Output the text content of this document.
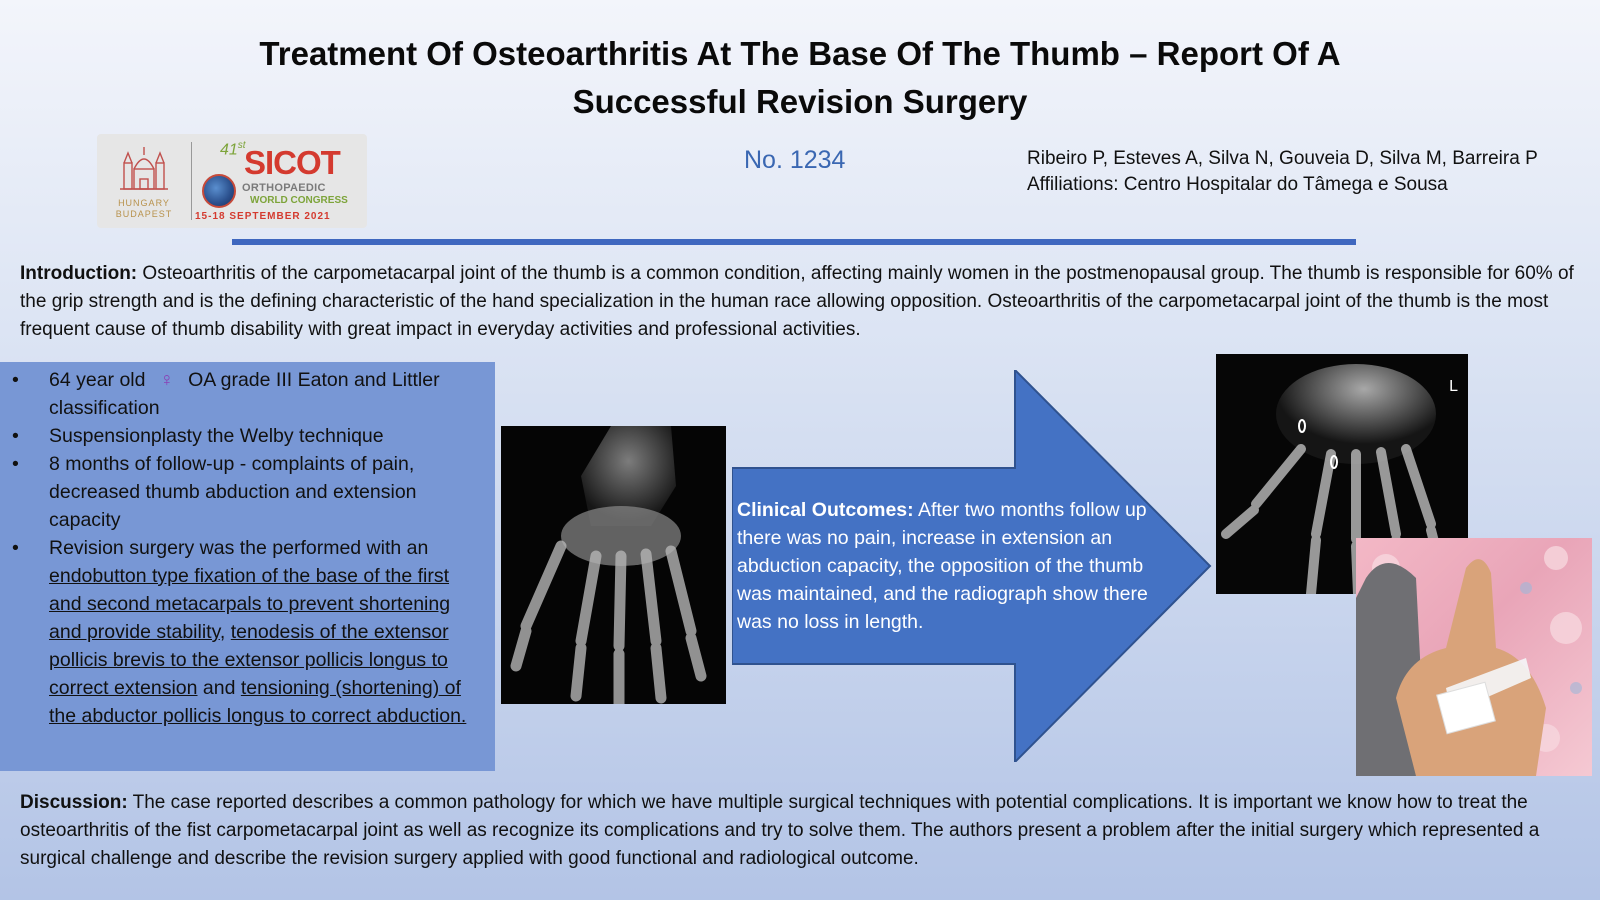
Treatment Of Osteoarthritis At The Base Of The Thumb – Report Of A Successful Revision Surgery
HUNGARY
BUDAPEST
41st
SICOT
ORTHOPAEDIC
WORLD CONGRESS
15-18 SEPTEMBER 2021
No. 1234	Ribeiro P, Esteves A, Silva N, Gouveia D, Silva M, Barreira P
Affiliations: Centro Hospitalar do Tâmega e Sousa
Introduction: Osteoarthritis of the carpometacarpal joint of the thumb is a common condition, affecting mainly women in the postmenopausal group. The thumb is responsible for 60% of the grip strength and is the defining characteristic of the hand specialization in the human race allowing opposition. Osteoarthritis of the carpometacarpal joint of the thumb is the most frequent cause of thumb disability with great impact in everyday activities and professional activities.
• 64 year old ♀ OA grade III Eaton and Littler classification
• Suspensionplasty the Welby technique
• 8 months of follow-up - complaints of pain, decreased thumb abduction and extension capacity
• Revision surgery was the performed with an endobutton type fixation of the base of the first and second metacarpals to prevent shortening and provide stability, tenodesis of the extensor pollicis brevis to the extensor pollicis longus to correct extension and tensioning (shortening) of the abductor pollicis longus to correct abduction.
Clinical Outcomes: After two months follow up there was no pain, increase in extension an abduction capacity, the opposition of the thumb was maintained, and the radiograph show there was no loss in length.
L
Discussion: The case reported describes a common pathology for which we have multiple surgical techniques with potential complications. It is important we know how to treat the osteoarthritis of the fist carpometacarpal joint as well as recognize its complications and try to solve them. The authors present a problem after the initial surgery which represented a surgical challenge and describe the revision surgery applied with good functional and radiological outcome.
